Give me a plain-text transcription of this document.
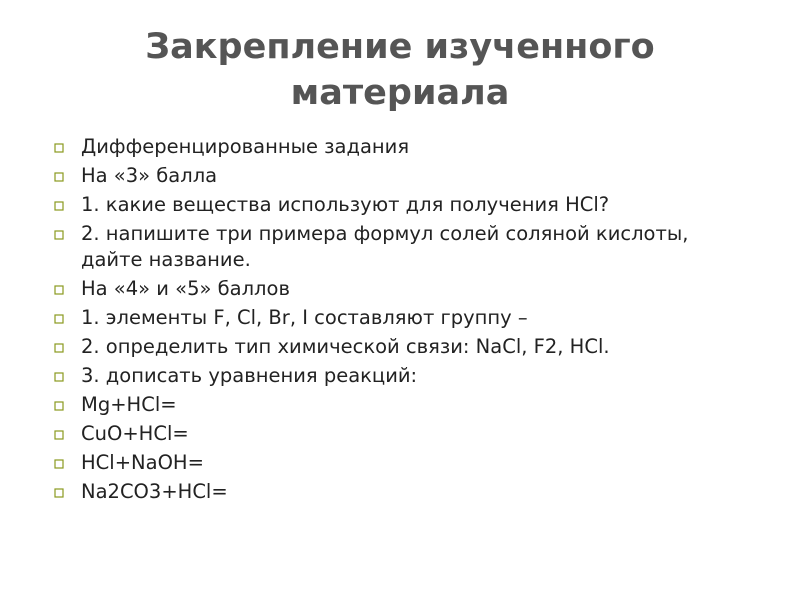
Закрепление изученного материала
Дифференцированные задания
На «3» балла
1. какие вещества используют для получения HCl?
2. напишите три примера формул солей соляной кислоты, дайте название.
На «4» и «5» баллов
1. элементы F, Cl, Br, I составляют группу –
2. определить тип химической связи: NaCl, F2, HCl.
3. дописать уравнения реакций:
Mg+HCl=
CuO+HCl=
HCl+NaOH=
Na2CO3+HCl=
